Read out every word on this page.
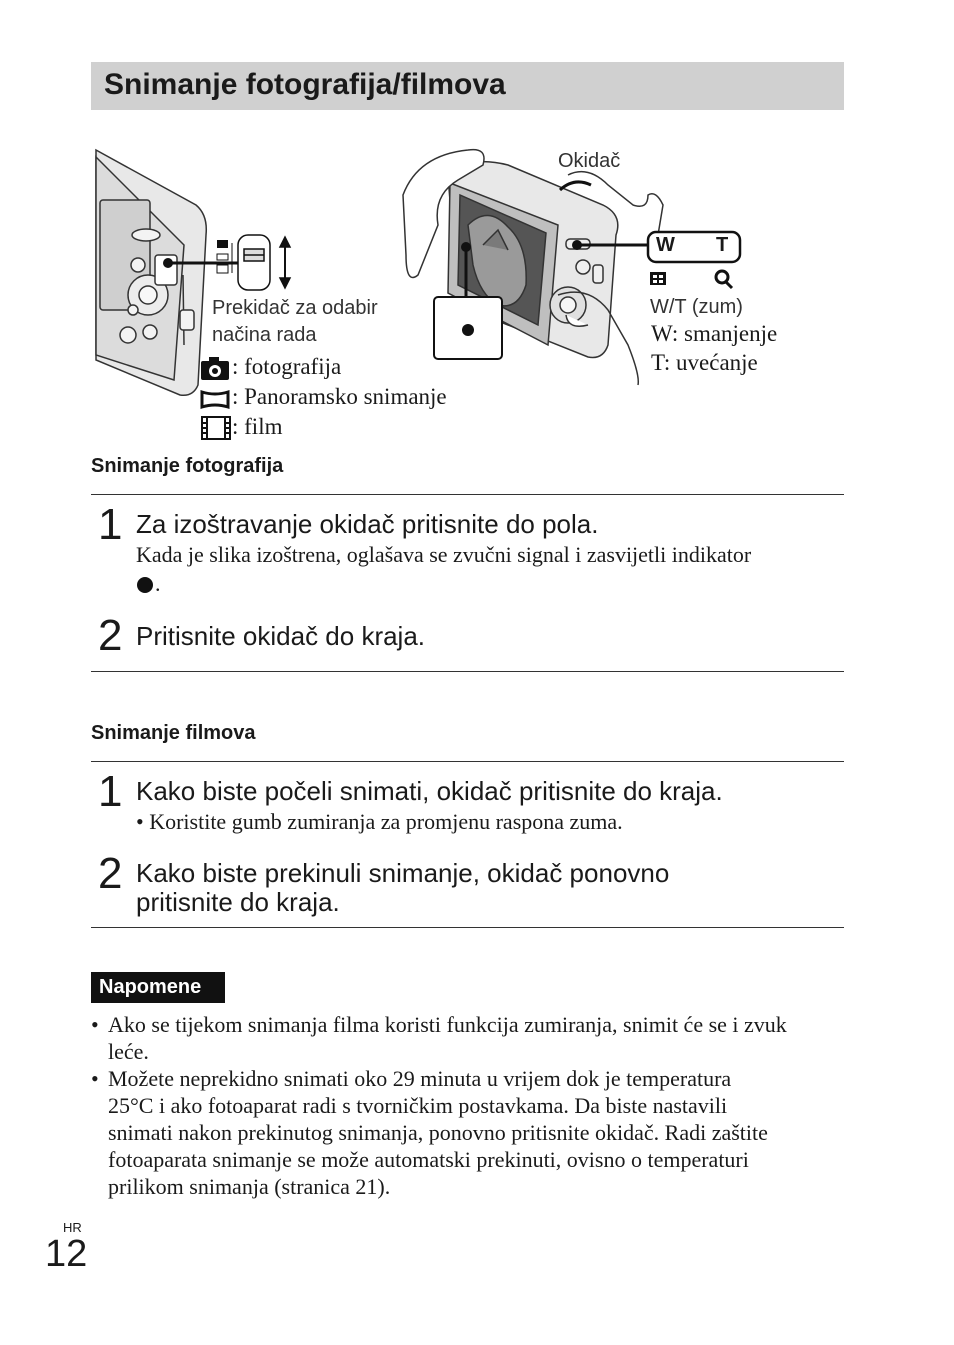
Snimanje fotografija/filmova
Okidač
W T
Prekidač za odabir
načina rada
W/T (zum)
W: smanjenje
T: uvećanje
: fotografija
: Panoramsko snimanje
: film
Snimanje fotografija
1 Za izoštravanje okidač pritisnite do pola.
Kada je slika izoštrena, oglašava se zvučni signal i zasvijetli indikator
.
2 Pritisnite okidač do kraja.
Snimanje filmova
1 Kako biste počeli snimati, okidač pritisnite do kraja.
• Koristite gumb zumiranja za promjenu raspona zuma.
2 Kako biste prekinuli snimanje, okidač ponovno
pritisnite do kraja.
Napomene
• Ako se tijekom snimanja filma koristi funkcija zumiranja, snimit će se i zvuk
leće.
• Možete neprekidno snimati oko 29 minuta u vrijem dok je temperatura
25°C i ako fotoaparat radi s tvorničkim postavkama. Da biste nastavili
snimati nakon prekinutog snimanja, ponovno pritisnite okidač. Radi zaštite
fotoaparata snimanje se može automatski prekinuti, ovisno o temperaturi
prilikom snimanja (stranica 21).
HR
12
